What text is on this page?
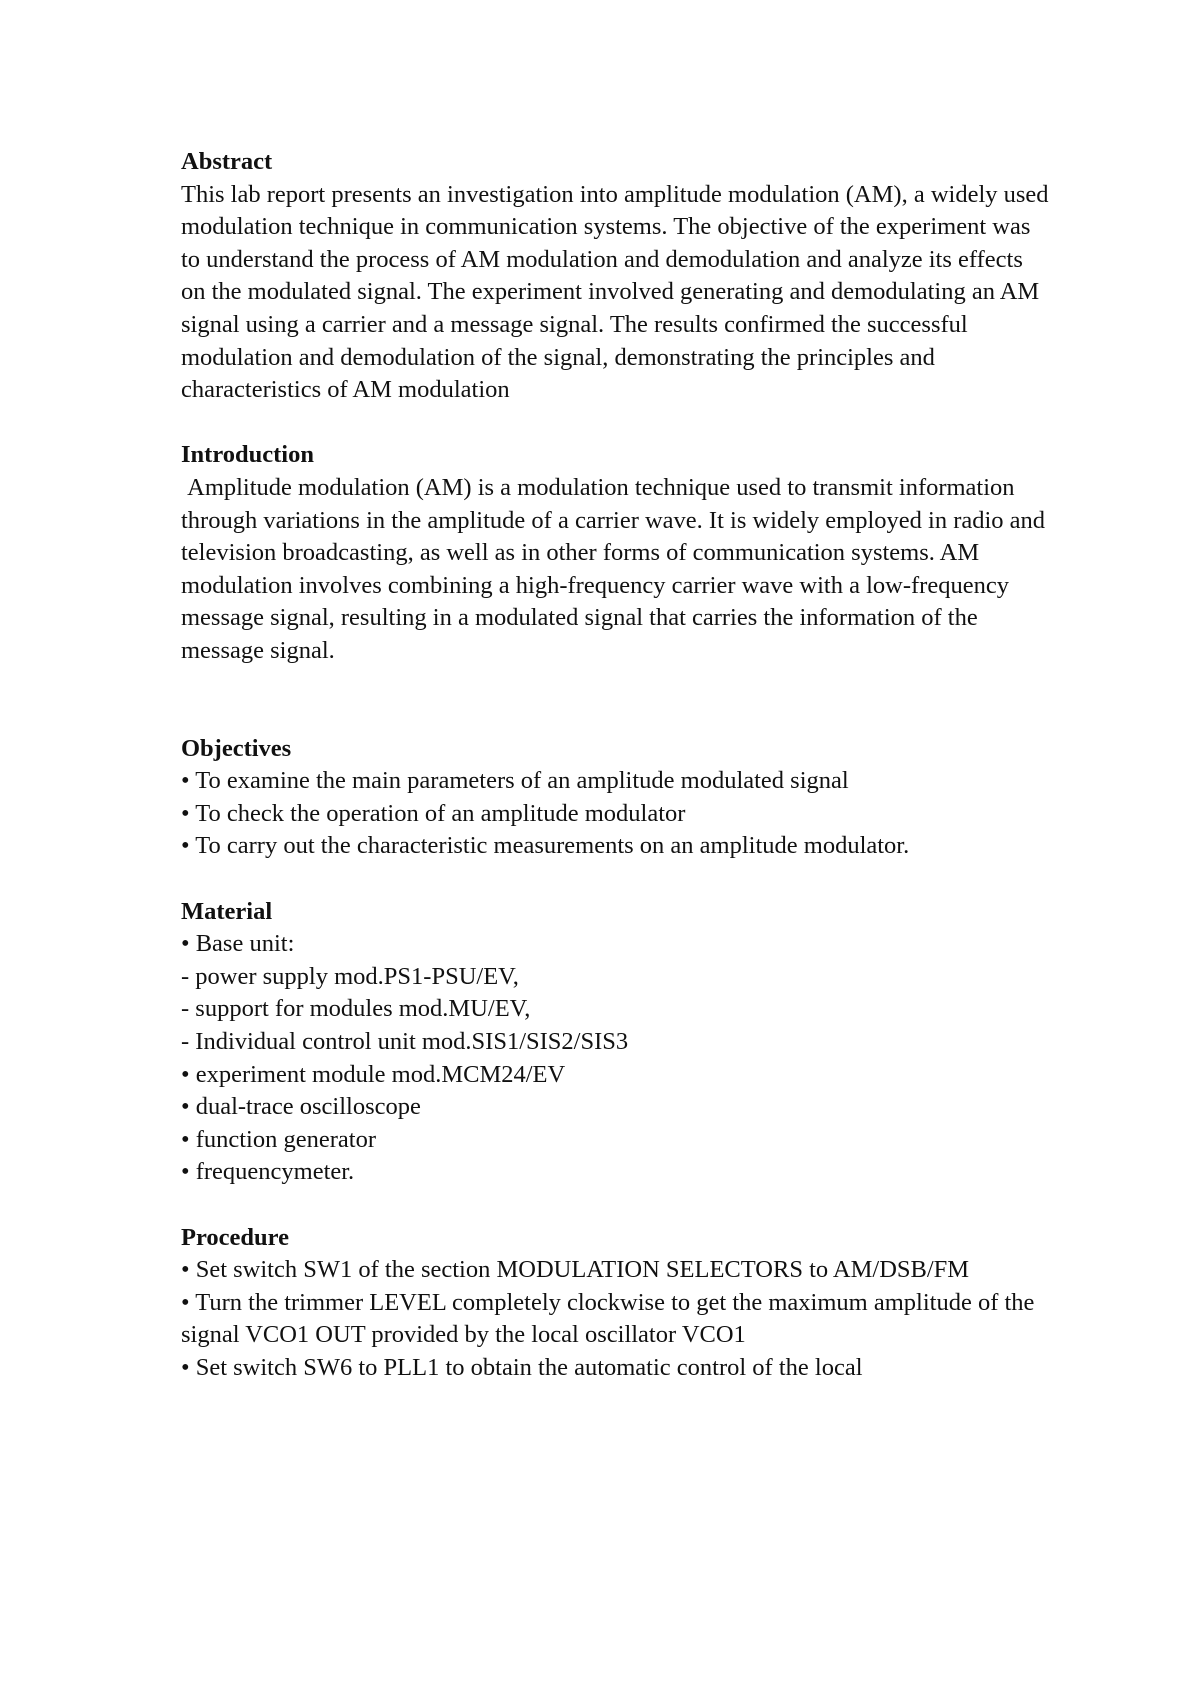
Abstract

This lab report presents an investigation into amplitude modulation (AM), a widely used modulation technique in communication systems. The objective of the experiment was to understand the process of AM modulation and demodulation and analyze its effects on the modulated signal. The experiment involved generating and demodulating an AM signal using a carrier and a message signal. The results confirmed the successful modulation and demodulation of the signal, demonstrating the principles and characteristics of AM modulation

Introduction

Amplitude modulation (AM) is a modulation technique used to transmit information through variations in the amplitude of a carrier wave. It is widely employed in radio and television broadcasting, as well as in other forms of communication systems. AM modulation involves combining a high-frequency carrier wave with a low-frequency message signal, resulting in a modulated signal that carries the information of the message signal.

Objectives

• To examine the main parameters of an amplitude modulated signal

• To check the operation of an amplitude modulator

• To carry out the characteristic measurements on an amplitude modulator.

Material

• Base unit:

- power supply mod.PS1-PSU/EV,

- support for modules mod.MU/EV,

- Individual control unit mod.SIS1/SIS2/SIS3

• experiment module mod.MCM24/EV

• dual-trace oscilloscope

• function generator

• frequencymeter.

Procedure

• Set switch SW1 of the section MODULATION SELECTORS to AM/DSB/FM

• Turn the trimmer LEVEL completely clockwise to get the maximum amplitude of the signal VCO1 OUT provided by the local oscillator VCO1

• Set switch SW6 to PLL1 to obtain the automatic control of the local
